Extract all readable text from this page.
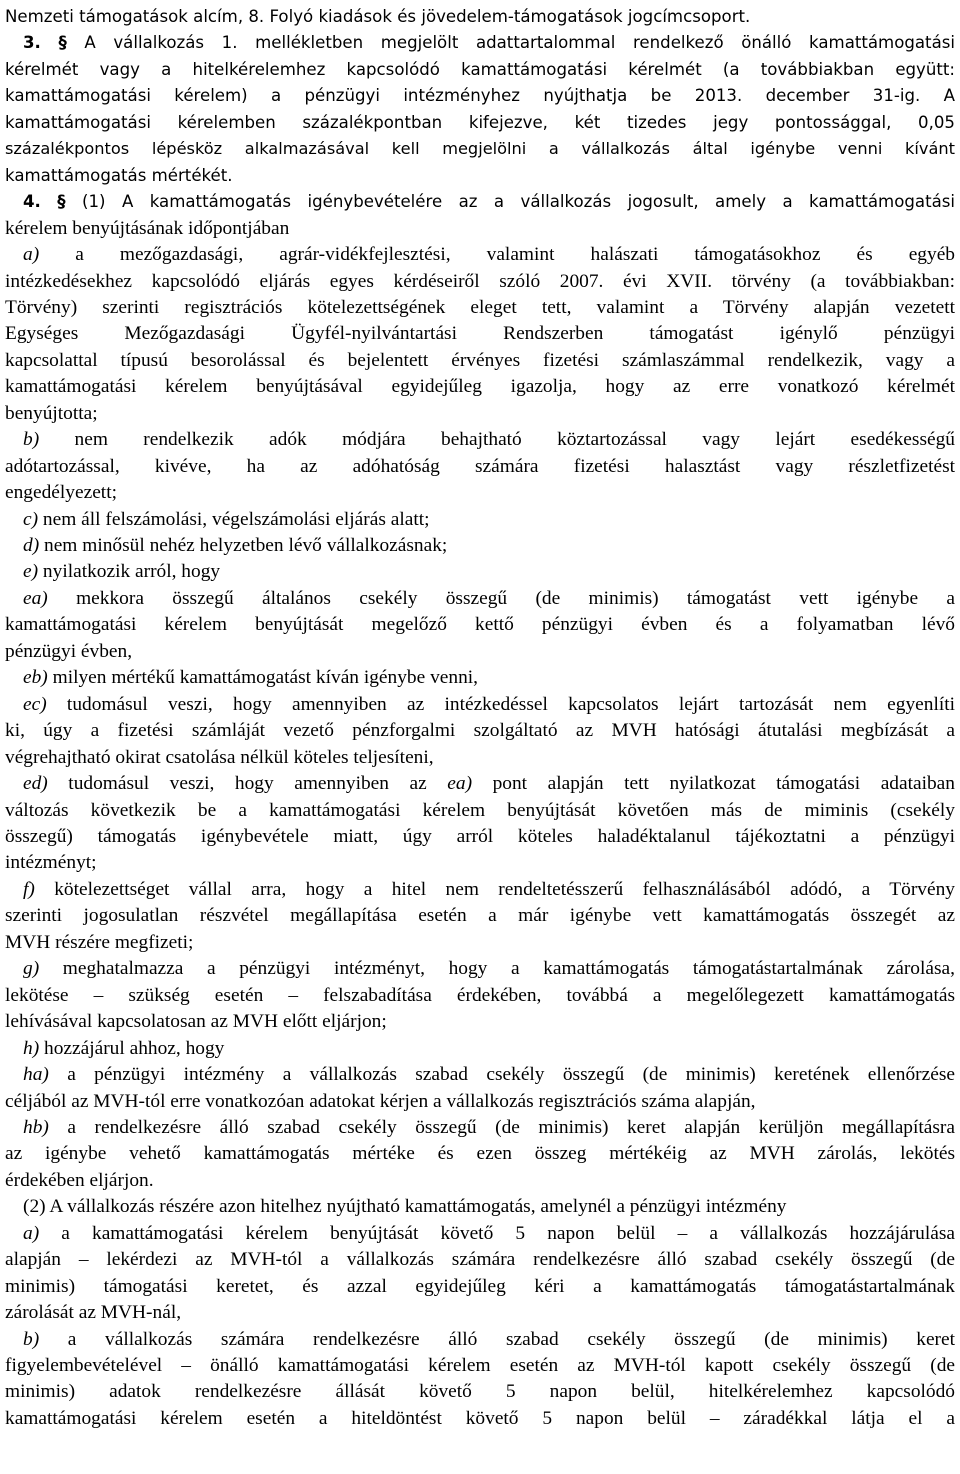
Nemzeti támogatások alcím, 8. Folyó kiadások és jövedelem-támogatások jogcímcsoport.
3. § A vállalkozás 1. mellékletben megjelölt adattartalommal rendelkező önálló kamattámogatási
kérelmét vagy a hitelkérelemhez kapcsolódó kamattámogatási kérelmét (a továbbiakban együtt:
kamattámogatási kérelem) a pénzügyi intézményhez nyújthatja be 2013. december 31-ig. A
kamattámogatási kérelemben százalékpontban kifejezve, két tizedes jegy pontossággal, 0,05
százalékpontos lépésköz alkalmazásával kell megjelölni a vállalkozás által igénybe venni kívánt
kamattámogatás mértékét.
4. § (1) A kamattámogatás igénybevételére az a vállalkozás jogosult, amely a kamattámogatási
kérelem benyújtásának időpontjában
a) a mezőgazdasági, agrár-vidékfejlesztési, valamint halászati támogatásokhoz és egyéb
intézkedésekhez kapcsolódó eljárás egyes kérdéseiről szóló 2007. évi XVII. törvény (a továbbiakban:
Törvény) szerinti regisztrációs kötelezettségének eleget tett, valamint a Törvény alapján vezetett
Egységes Mezőgazdasági Ügyfél-nyilvántartási Rendszerben támogatást igénylő pénzügyi
kapcsolattal típusú besorolással és bejelentett érvényes fizetési számlaszámmal rendelkezik, vagy a
kamattámogatási kérelem benyújtásával egyidejűleg igazolja, hogy az erre vonatkozó kérelmét
benyújtotta;
b) nem rendelkezik adók módjára behajtható köztartozással vagy lejárt esedékességű
adótartozással, kivéve, ha az adóhatóság számára fizetési halasztást vagy részletfizetést
engedélyezett;
c) nem áll felszámolási, végelszámolási eljárás alatt;
d) nem minősül nehéz helyzetben lévő vállalkozásnak;
e) nyilatkozik arról, hogy
ea) mekkora összegű általános csekély összegű (de minimis) támogatást vett igénybe a
kamattámogatási kérelem benyújtását megelőző kettő pénzügyi évben és a folyamatban lévő
pénzügyi évben,
eb) milyen mértékű kamattámogatást kíván igénybe venni,
ec) tudomásul veszi, hogy amennyiben az intézkedéssel kapcsolatos lejárt tartozását nem egyenlíti
ki, úgy a fizetési számláját vezető pénzforgalmi szolgáltató az MVH hatósági átutalási megbízását a
végrehajtható okirat csatolása nélkül köteles teljesíteni,
ed) tudomásul veszi, hogy amennyiben az ea) pont alapján tett nyilatkozat támogatási adataiban
változás következik be a kamattámogatási kérelem benyújtását követően más de miminis (csekély
összegű) támogatás igénybevétele miatt, úgy arról köteles haladéktalanul tájékoztatni a pénzügyi
intézményt;
f) kötelezettséget vállal arra, hogy a hitel nem rendeltetésszerű felhasználásából adódó, a Törvény
szerinti jogosulatlan részvétel megállapítása esetén a már igénybe vett kamattámogatás összegét az
MVH részére megfizeti;
g) meghatalmazza a pénzügyi intézményt, hogy a kamattámogatás támogatástartalmának zárolása,
lekötése – szükség esetén – felszabadítása érdekében, továbbá a megelőlegezett kamattámogatás
lehívásával kapcsolatosan az MVH előtt eljárjon;
h) hozzájárul ahhoz, hogy
ha) a pénzügyi intézmény a vállalkozás szabad csekély összegű (de minimis) keretének ellenőrzése
céljából az MVH-tól erre vonatkozóan adatokat kérjen a vállalkozás regisztrációs száma alapján,
hb) a rendelkezésre álló szabad csekély összegű (de minimis) keret alapján kerüljön megállapításra
az igénybe vehető kamattámogatás mértéke és ezen összeg mértékéig az MVH zárolás, lekötés
érdekében eljárjon.
(2) A vállalkozás részére azon hitelhez nyújtható kamattámogatás, amelynél a pénzügyi intézmény
a) a kamattámogatási kérelem benyújtását követő 5 napon belül – a vállalkozás hozzájárulása
alapján – lekérdezi az MVH-tól a vállalkozás számára rendelkezésre álló szabad csekély összegű (de
minimis) támogatási keretet, és azzal egyidejűleg kéri a kamattámogatás támogatástartalmának
zárolását az MVH-nál,
b) a vállalkozás számára rendelkezésre álló szabad csekély összegű (de minimis) keret
figyelembevételével – önálló kamattámogatási kérelem esetén az MVH-tól kapott csekély összegű (de
minimis) adatok rendelkezésre állását követő 5 napon belül, hitelkérelemhez kapcsolódó
kamattámogatási kérelem esetén a hiteldöntést követő 5 napon belül – záradékkal látja el a
